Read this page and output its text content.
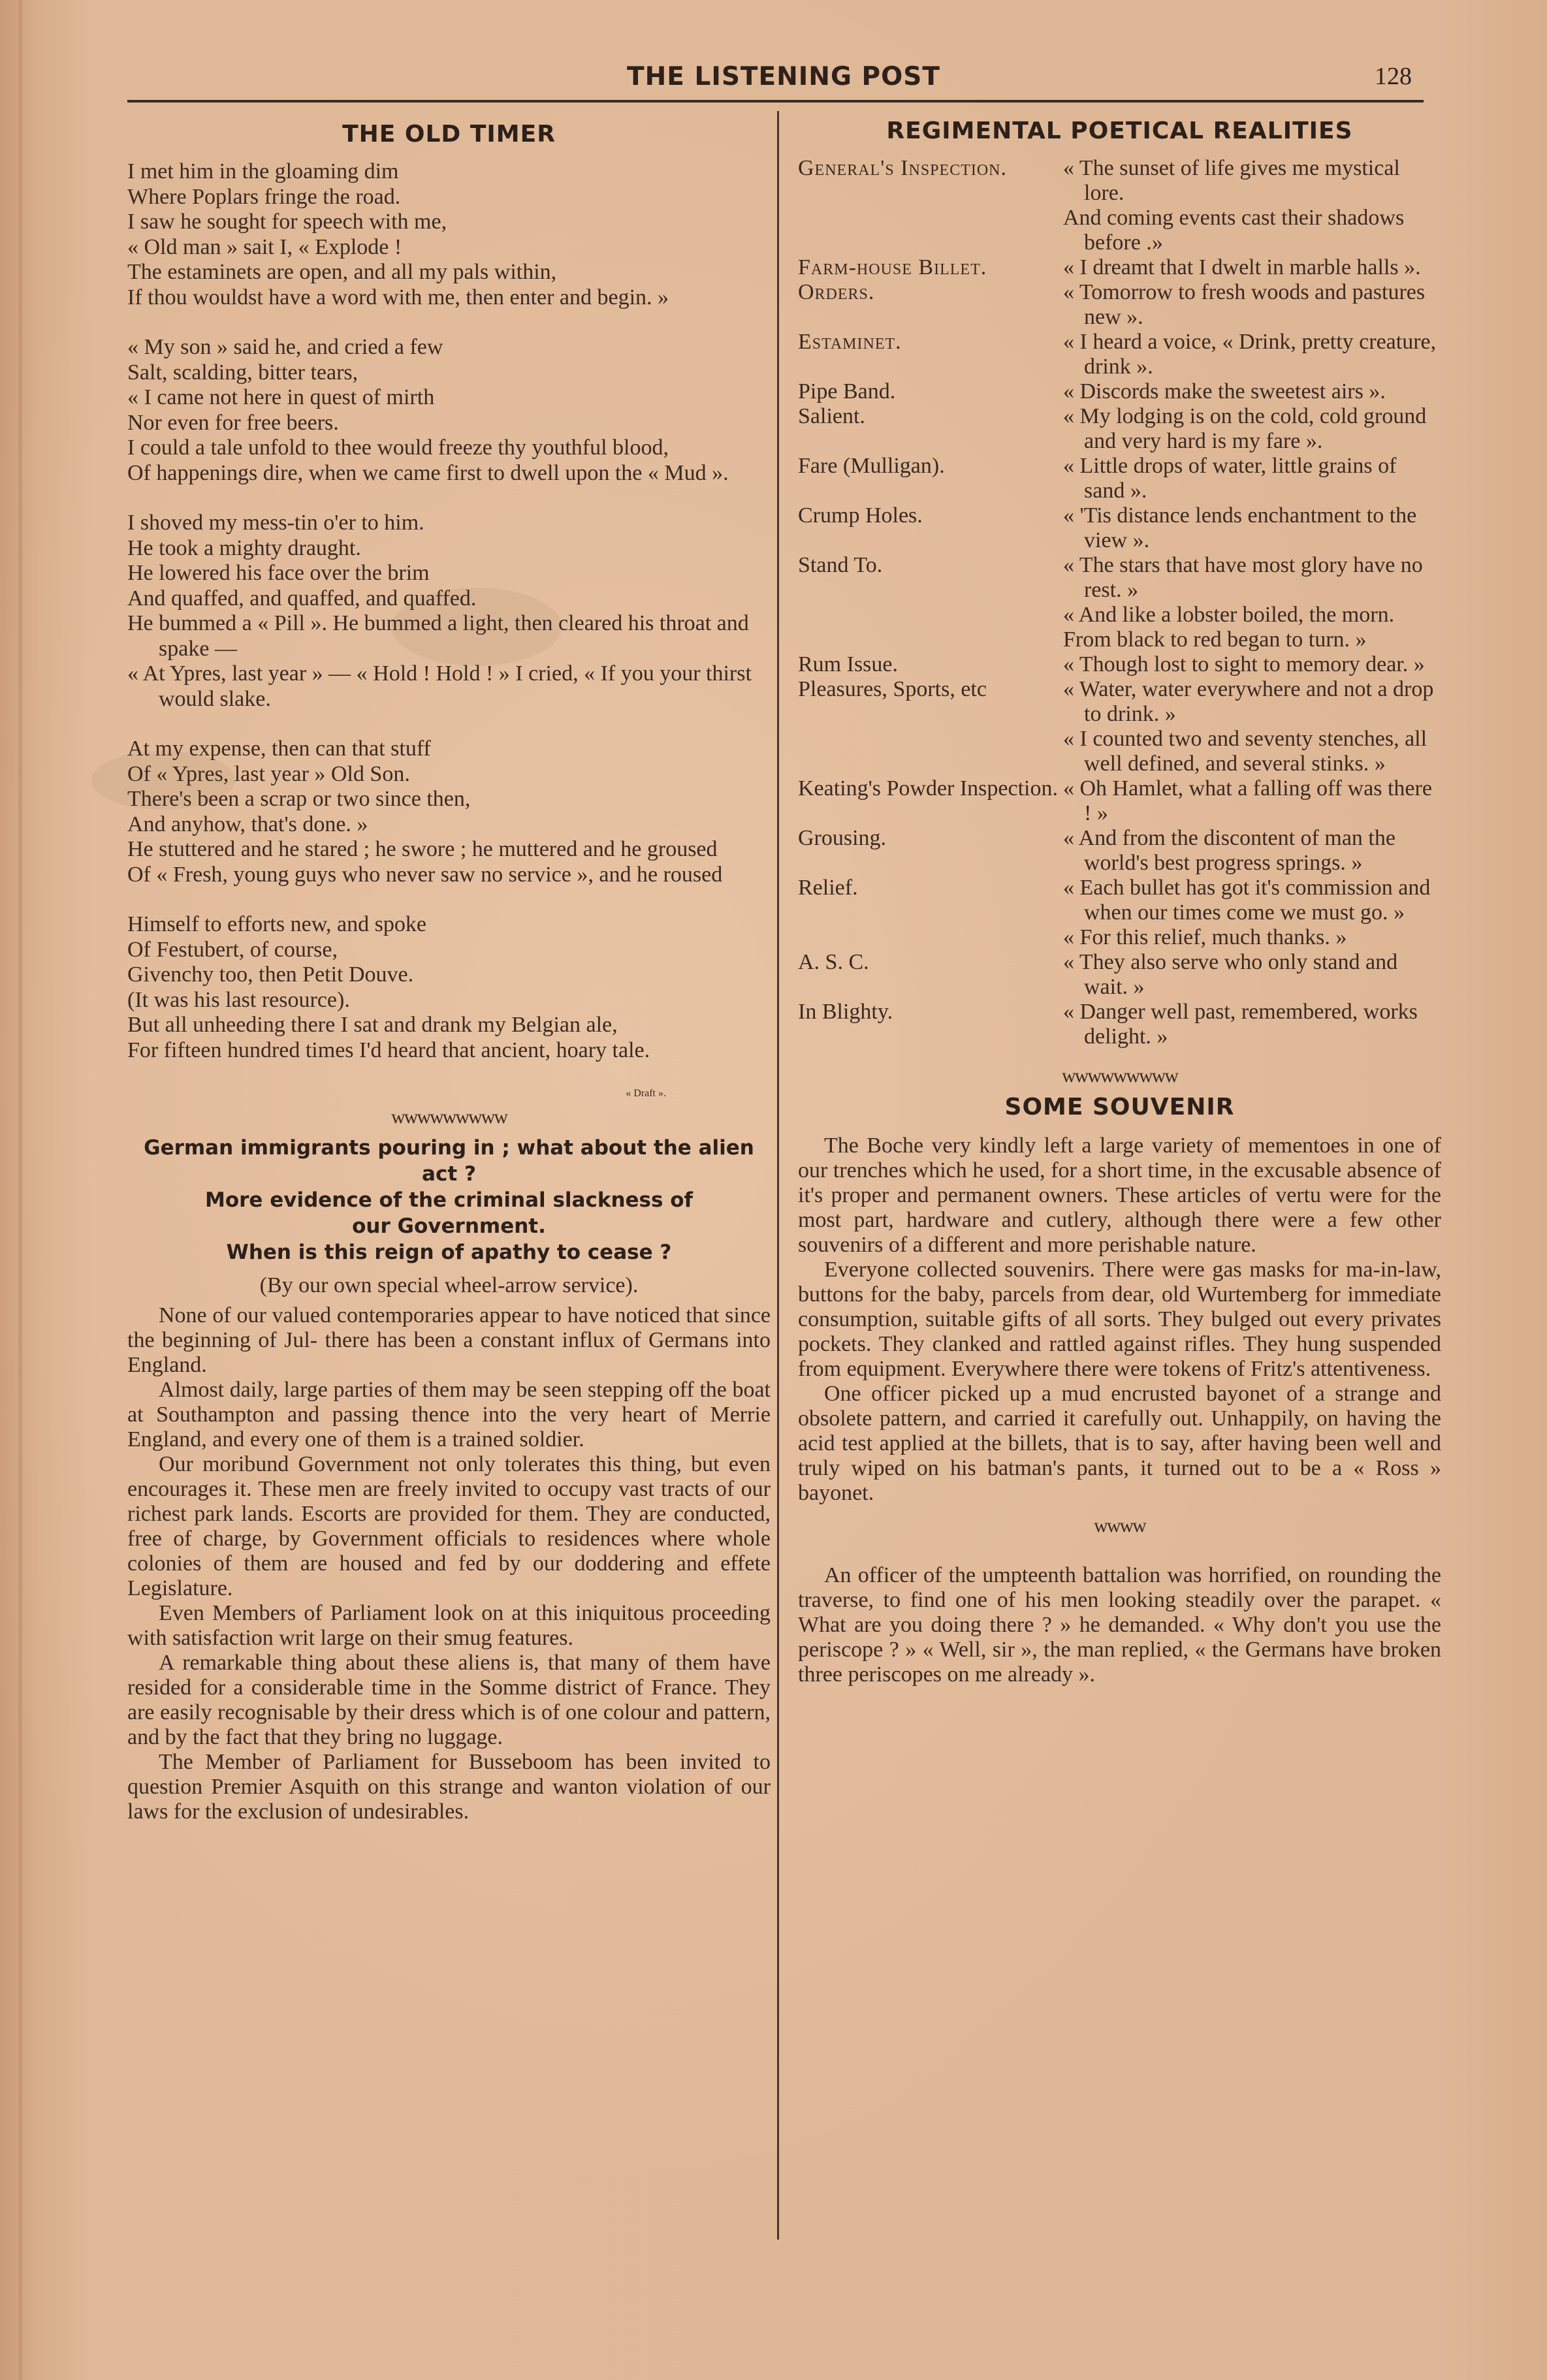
THE LISTENING POST	128
THE OLD TIMER
I met him in the gloaming dim
Where Poplars fringe the road.
I saw he sought for speech with me,
« Old man » sait I, « Explode !
The estaminets are open, and all my pals within,
If thou wouldst have a word with me, then enter and begin. »
« My son » said he, and cried a few
Salt, scalding, bitter tears,
« I came not here in quest of mirth
Nor even for free beers.
I could a tale unfold to thee would freeze thy youthful blood,
Of happenings dire, when we came first to dwell upon the « Mud ».
I shoved my mess-tin o'er to him.
He took a mighty draught.
He lowered his face over the brim
And quaffed, and quaffed, and quaffed.
He bummed a « Pill ». He bummed a light, then cleared his throat and spake —
« At Ypres, last year » — « Hold ! Hold ! » I cried, « If you your thirst would slake.
At my expense, then can that stuff
Of « Ypres, last year » Old Son.
There's been a scrap or two since then,
And anyhow, that's done. »
He stuttered and he stared ; he swore ; he muttered and he groused
Of « Fresh, young guys who never saw no service », and he roused
Himself to efforts new, and spoke
Of Festubert, of course,
Givenchy too, then Petit Douve.
(It was his last resource).
But all unheeding there I sat and drank my Belgian ale,
For fifteen hundred times I'd heard that ancient, hoary tale.
« Draft ».
wwwwwwwww
German immigrants pouring in ; what about the alien act ?
More evidence of the criminal slackness of our Government.
When is this reign of apathy to cease ?
(By our own special wheel-arrow service).

None of our valued contemporaries appear to have noticed that since the beginning of Jul- there has been a constant influx of Germans into England.

Almost daily, large parties of them may be seen stepping off the boat at Southampton and passing thence into the very heart of Merrie England, and every one of them is a trained soldier.

Our moribund Government not only tolerates this thing, but even encourages it. These men are freely invited to occupy vast tracts of our richest park lands. Escorts are provided for them. They are conducted, free of charge, by Government officials to residences where whole colonies of them are housed and fed by our doddering and effete Legislature.

Even Members of Parliament look on at this iniquitous proceeding with satisfaction writ large on their smug features.

A remarkable thing about these aliens is, that many of them have resided for a considerable time in the Somme district of France. They are easily recognisable by their dress which is of one colour and pattern, and by the fact that they bring no luggage.

The Member of Parliament for Busseboom has been invited to question Premier Asquith on this strange and wanton violation of our laws for the exclusion of undesirables.

REGIMENTAL POETICAL REALITIES
General's Inspection.	« The sunset of life gives me mystical lore.
	And coming events cast their shadows before .»
Farm-house Billet.	« I dreamt that I dwelt in marble halls ».
Orders.	« Tomorrow to fresh woods and pastures new ».
Estaminet.	« I heard a voice, « Drink, pretty creature, drink ».
Pipe Band.	« Discords make the sweetest airs ».
Salient.	« My lodging is on the cold, cold ground and very hard is my fare ».
Fare (Mulligan).	« Little drops of water, little grains of sand ».
Crump Holes.	« 'Tis distance lends enchantment to the view ».
Stand To.	« The stars that have most glory have no rest. »
	« And like a lobster boiled, the morn.
	From black to red began to turn. »
Rum Issue.	« Though lost to sight to memory dear. »
Pleasures, Sports, etc	« Water, water everywhere and not a drop to drink. »
	« I counted two and seventy stenches, all well defined, and several stinks. »
Keating's Powder Inspection.	« Oh Hamlet, what a falling off was there ! »
Grousing.	« And from the discontent of man the world's best progress springs. »
Relief.	« Each bullet has got it's commission and when our times come we must go. »
	« For this relief, much thanks. »
A. S. C.	« They also serve who only stand and wait. »
In Blighty.	« Danger well past, remembered, works delight. »
wwwwwwwww
SOME SOUVENIR

The Boche very kindly left a large variety of mementoes in one of our trenches which he used, for a short time, in the excusable absence of it's proper and permanent owners. These articles of vertu were for the most part, hardware and cutlery, although there were a few other souvenirs of a different and more perishable nature.

Everyone collected souvenirs. There were gas masks for ma-in-law, buttons for the baby, parcels from dear, old Wurtemberg for immediate consumption, suitable gifts of all sorts. They bulged out every privates pockets. They clanked and rattled against rifles. They hung suspended from equipment. Everywhere there were tokens of Fritz's attentiveness.

One officer picked up a mud encrusted bayonet of a strange and obsolete pattern, and carried it carefully out. Unhappily, on having the acid test applied at the billets, that is to say, after having been well and truly wiped on his batman's pants, it turned out to be a « Ross » bayonet.

wwww

An officer of the umpteenth battalion was horrified, on rounding the traverse, to find one of his men looking steadily over the parapet. « What are you doing there ? » he demanded. « Why don't you use the periscope ? » « Well, sir », the man replied, « the Germans have broken three periscopes on me already ».
